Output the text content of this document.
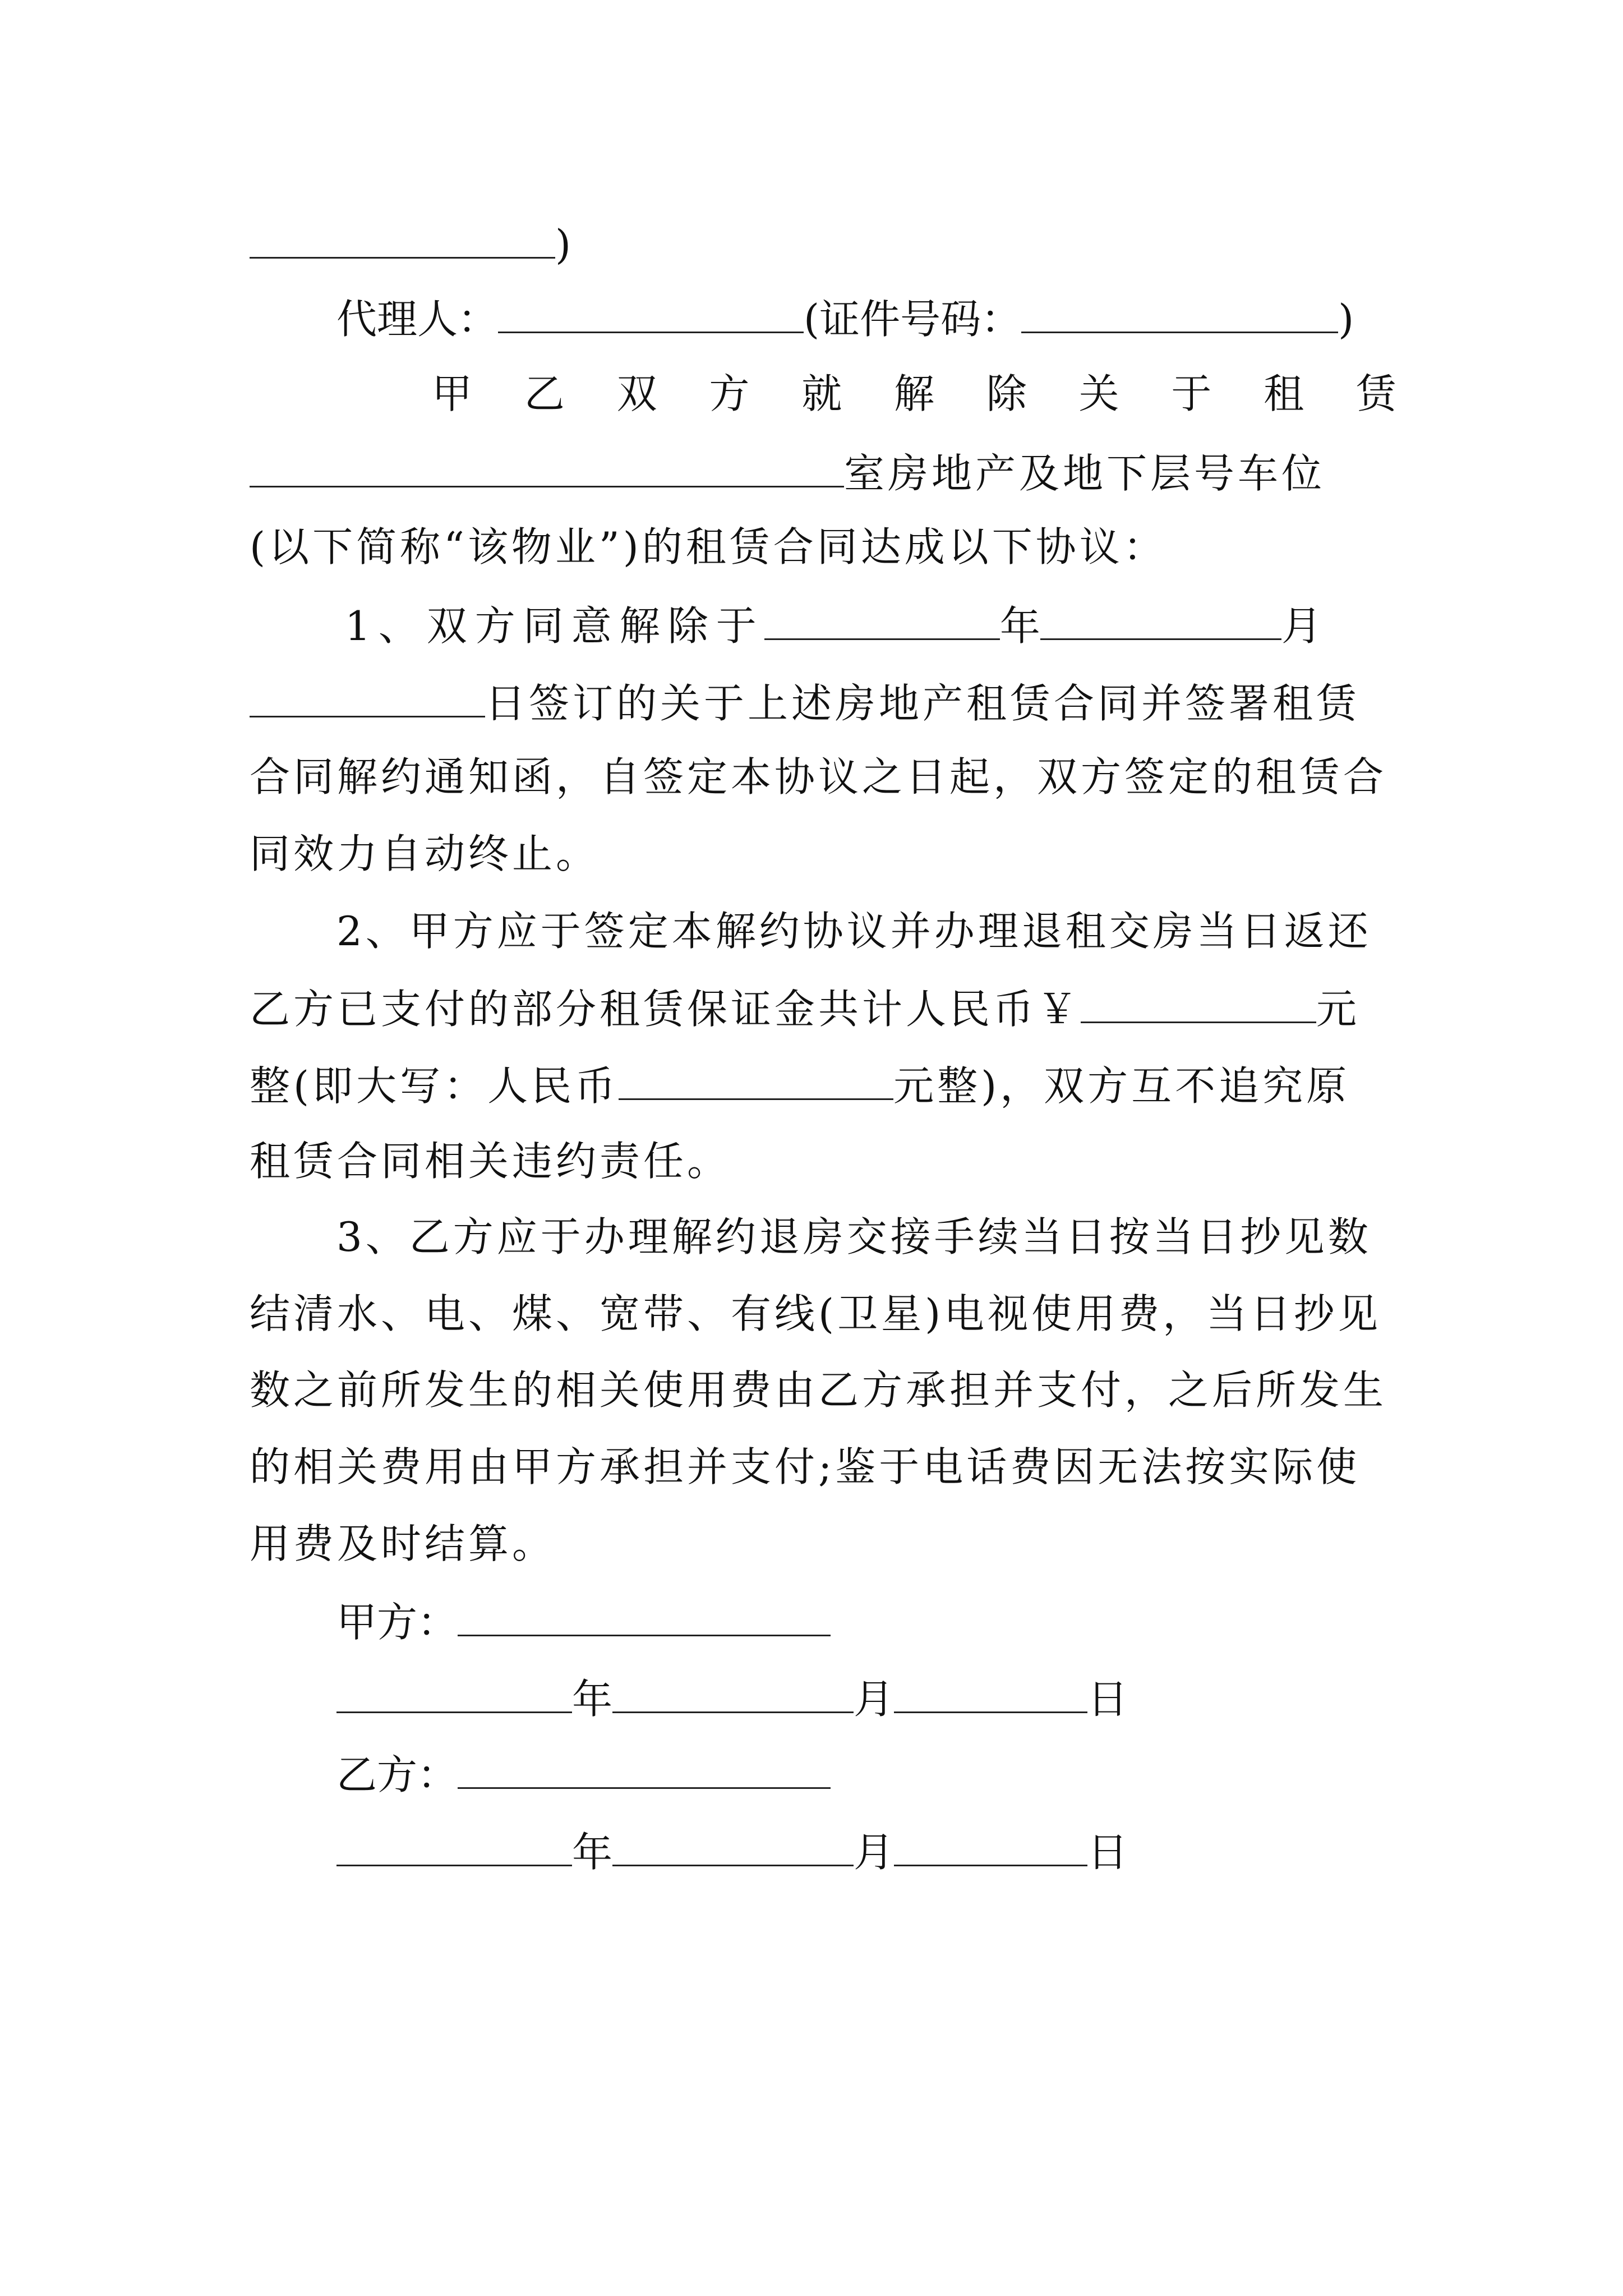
)
代理人：	(证件号码：	)
甲 乙 双 方 就 解 除 关 于 租 赁
室房地产及地下层号车位
(以下简称“该物业”)的租赁合同达成以下协议：
1、双方同意解除于	年	月
日签订的关于上述房地产租赁合同并签署租赁
合同解约通知函，自签定本协议之日起，双方签定的租赁合
同效力自动终止。
2、甲方应于签定本解约协议并办理退租交房当日返还
乙方已支付的部分租赁保证金共计人民币￥	元
整(即大写：人民币	元整)，双方互不追究原
租赁合同相关违约责任。
3、乙方应于办理解约退房交接手续当日按当日抄见数
结清水、电、煤、宽带、有线(卫星)电视使用费，当日抄见
数之前所发生的相关使用费由乙方承担并支付，之后所发生
的相关费用由甲方承担并支付;鉴于电话费因无法按实际使
用费及时结算。
甲方：
年	月	日
乙方：
年	月	日
